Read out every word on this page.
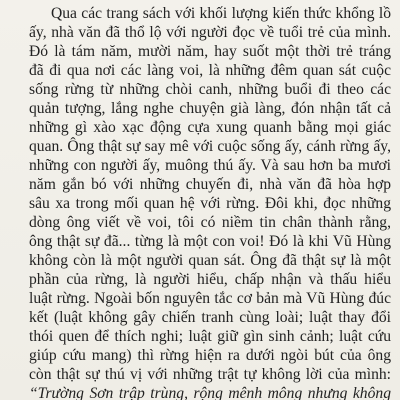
Qua các trang sách với khối lượng kiến thức khổng lồ
ấy, nhà văn đã thổ lộ với người đọc về tuổi trẻ của mình.
Đó là tám năm, mười năm, hay suốt một thời trẻ tráng
đã đi qua nơi các làng voi, là những đêm quan sát cuộc
sống rừng từ những chòi canh, những buổi đi theo các
quản tượng, lắng nghe chuyện già làng, đón nhận tất cả
những gì xào xạc động cựa xung quanh bằng mọi giác
quan. Ông thật sự say mê với cuộc sống ấy, cánh rừng ấy,
những con người ấy, muông thú ấy. Và sau hơn ba mươi
năm gắn bó với những chuyến đi, nhà văn đã hòa hợp
sâu xa trong mối quan hệ với rừng. Đôi khi, đọc những
dòng ông viết về voi, tôi có niềm tin chân thành rằng,
ông thật sự đã... từng là một con voi! Đó là khi Vũ Hùng
không còn là một người quan sát. Ông đã thật sự là một
phần của rừng, là người hiểu, chấp nhận và thấu hiểu
luật rừng. Ngoài bốn nguyên tắc cơ bản mà Vũ Hùng đúc
kết (luật không gây chiến tranh cùng loài; luật thay đổi
thói quen để thích nghi; luật giữ gìn sinh cảnh; luật cứu
giúp cứu mang) thì rừng hiện ra dưới ngòi bút của ông
còn thật sự thú vị với những trật tự không lời của mình:
“Trường Sơn trập trùng, rộng mênh mông nhưng không
